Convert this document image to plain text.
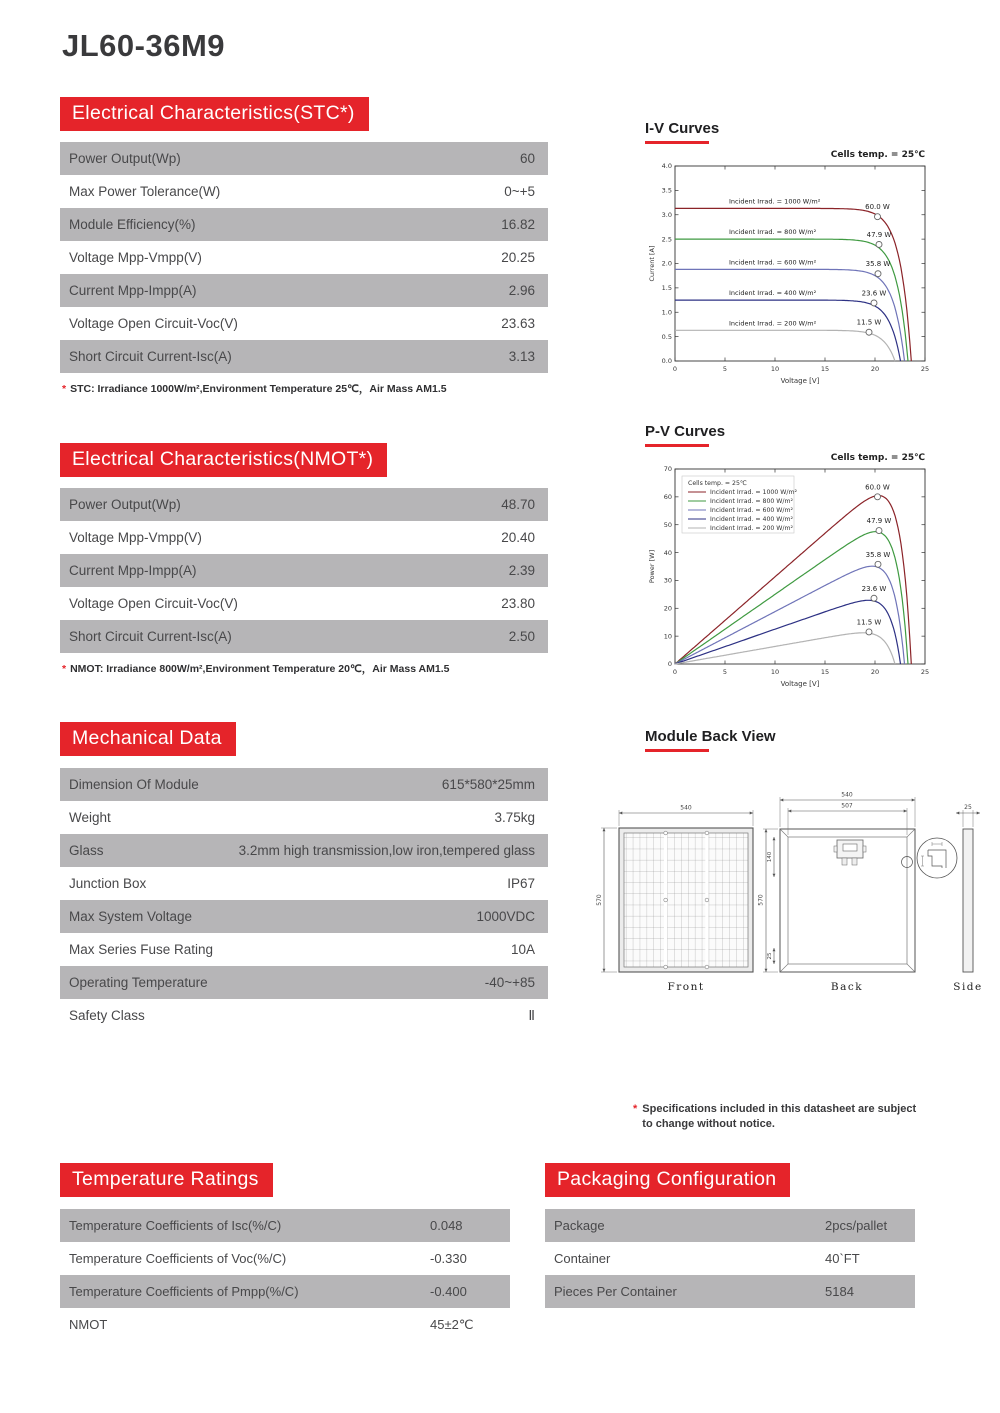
JL60-36M9
Electrical Characteristics(STC*)
Power Output(Wp)	60
Max Power Tolerance(W)	0~+5
Module Efficiency(%)	16.82
Voltage Mpp-Vmpp(V)	20.25
Current Mpp-Impp(A)	2.96
Voltage Open Circuit-Voc(V)	23.63
Short Circuit Current-Isc(A)	3.13
* STC: Irradiance 1000W/m²,Environment Temperature 25℃，Air Mass AM1.5
Electrical Characteristics(NMOT*)
Power Output(Wp)	48.70
Voltage Mpp-Vmpp(V)	20.40
Current Mpp-Impp(A)	2.39
Voltage Open Circuit-Voc(V)	23.80
Short Circuit Current-Isc(A)	2.50
* NMOT: Irradiance 800W/m²,Environment Temperature 20℃，Air Mass AM1.5
Mechanical Data
Dimension Of Module	615*580*25mm
Weight	3.75kg
Glass	3.2mm high transmission,low iron,tempered glass
Junction Box	IP67
Max System Voltage	1000VDC
Max Series Fuse Rating	10A
Operating Temperature	-40~+85
Safety Class	Ⅱ
I-V Curves
Cells temp. = 25℃
0	5	10	15	20	25
0.0
0.5
1.0
1.5
2.0
2.5
3.0
3.5
4.0
Voltage [V]
Current [A]
Incident Irrad. = 1000 W/m²
60.0 W
Incident Irrad. = 800 W/m²	47.9 W
Incident Irrad. = 600 W/m²	35.8 W
Incident Irrad. = 400 W/m²	23.6 W
Incident Irrad. = 200 W/m²	11.5 W
P-V Curves
Cells temp. = 25℃
0	5	10	15	20	25
0
10
20
30
40
50
60
70
Voltage [V]
Power [W]
60.0 W
47.9 W
35.8 W
23.6 W
11.5 W
Cells temp. = 25℃
Incident Irrad. = 1000 W/m²
Incident Irrad. = 800 W/m²
Incident Irrad. = 600 W/m²
Incident Irrad. = 400 W/m²
Incident Irrad. = 200 W/m²
Module Back View
540
570
Front
540
507
570
140
25
Back
25
Side
* Specifications included in this datasheet are subject
to change without notice.
Temperature Ratings
Temperature Coefficients of Isc(%/C)	0.048
Temperature Coefficients of Voc(%/C)	-0.330
Temperature Coefficients of Pmpp(%/C)	-0.400
NMOT	45±2℃
Packaging Configuration
Package	2pcs/pallet
Container	40`FT
Pieces Per Container	5184
